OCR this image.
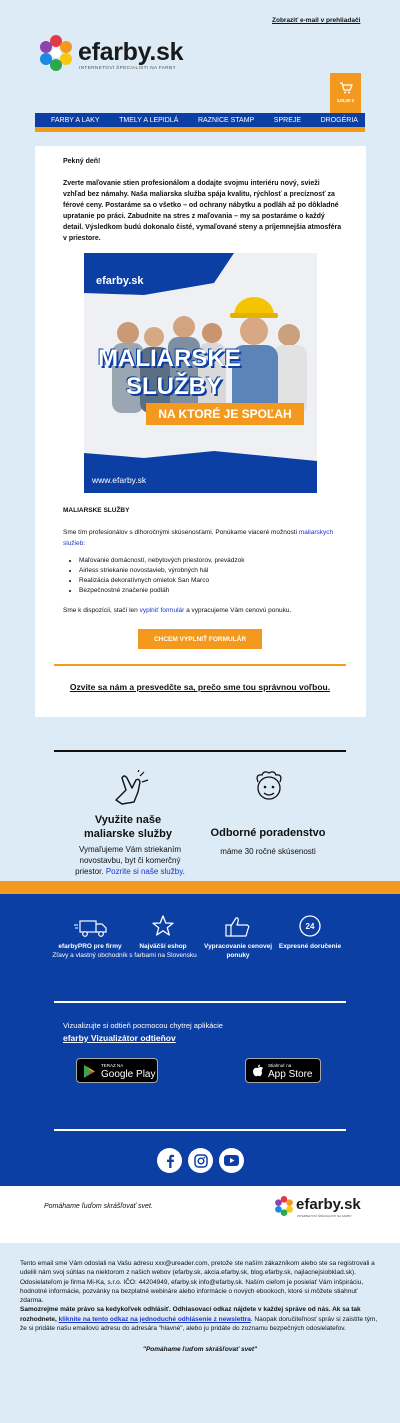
Zobraziť e-mail v prehliadači
efarby.sk
INTERNETOVÍ ŠPECIALISTI NA FARBY
120,00 €
FARBY A LAKY	TMELY A LEPIDLÁ	RAZNICE STAMP	SPREJE	DROGÉRIA
Pekný deň!
Zverte maľovanie stien profesionálom a dodajte svojmu interiéru nový, svieži vzhľad bez námahy. Naša maliarska služba spája kvalitu, rýchlosť a precíznosť za férové ceny. Postaráme sa o všetko – od ochrany nábytku a podláh až po dôkladné upratanie po práci. Zabudnite na stres z maľovania – my sa postaráme o každý detail. Výsledkom budú dokonalo čisté, vymaľované steny a príjemnejšia atmosféra v priestore.
efarby.sk
MALIARSKE
SLUŽBY
NA KTORÉ JE SPOĽAH
www.efarby.sk
MALIARSKE SLUŽBY
Sme tím profesionálov s dlhoročnými skúsenosťami. Ponúkame viaceré možnosti maliarskych služieb:
• Maľovanie domácností, nebytových priestorov, prevádzok
• Airless striekanie novostavieb, výrobných hál
• Realizácia dekoratívnych omietok San Marco
• Bezpečnostné značenie podláh
Sme k dispozícii, stačí len vyplniť formulár a vypracujeme Vám cenovú ponuku.
CHCEM VYPLNIŤ FORMULÁR
Ozvite sa nám a presvedčte sa, prečo sme tou správnou voľbou.
Využite naše maliarske služby
Vymaľujeme Vám striekaním novostavbu, byt či komerčný priestor. Pozrite si naše služby.
Odborné poradenstvo
máme 30 ročné skúsenosti
efarbyPRO pre firmy
Zľavy a vlastný obchodník
Najväčší eshop
s farbami na Slovensku
Vypracovanie cenovej ponuky
24
Expresné doručenie
Vizualizujte si odtieň pocmocou chytrej aplikácie
efarby Vizualizátor odtieňov
TERAZ NA
Google Play
Stiahnuť na
App Store
Pomáhame ľuďom skrášľovať svet.	efarby.sk
INTERNETOVÍ ŠPECIALISTI NA FARBY
Tento email sme Vám odoslali na Vašu adresu xxx@ureader.com, pretože ste naším zákazníkom alebo ste sa registrovali a udelili nám svoj súhlas na niektorom z našich webov (efarby.sk, akcia.efarby.sk, blog.efarby.sk, najlacnejsiobklad.sk). Odosielateľom je firma Mi-Ka, s.r.o. IČO: 44204949, efarby.sk info@efarby.sk. Naším cieľom je posielať Vám inšpiráciu, hodnotné informácie, pozvánky na bezplatné webináre alebo informácie o nových ebookoch, ktoré si môžete stiahnuť zdarma.
Samozrejme máte právo sa kedykoľvek odhlásiť. Odhlasovací odkaz nájdete v každej správe od nás. Ak sa tak rozhodnete, kliknite na tento odkaz na jednoduché odhlásenie z newslettra. Naopak doručiteľnosť správ si zaistíte tým, že si pridáte našu emailovú adresu do adresára "hlavné", alebo ju pridáte do zoznamu bezpečných odosielateľov.
"Pomáhame ľuďom skrášľovať svet"
